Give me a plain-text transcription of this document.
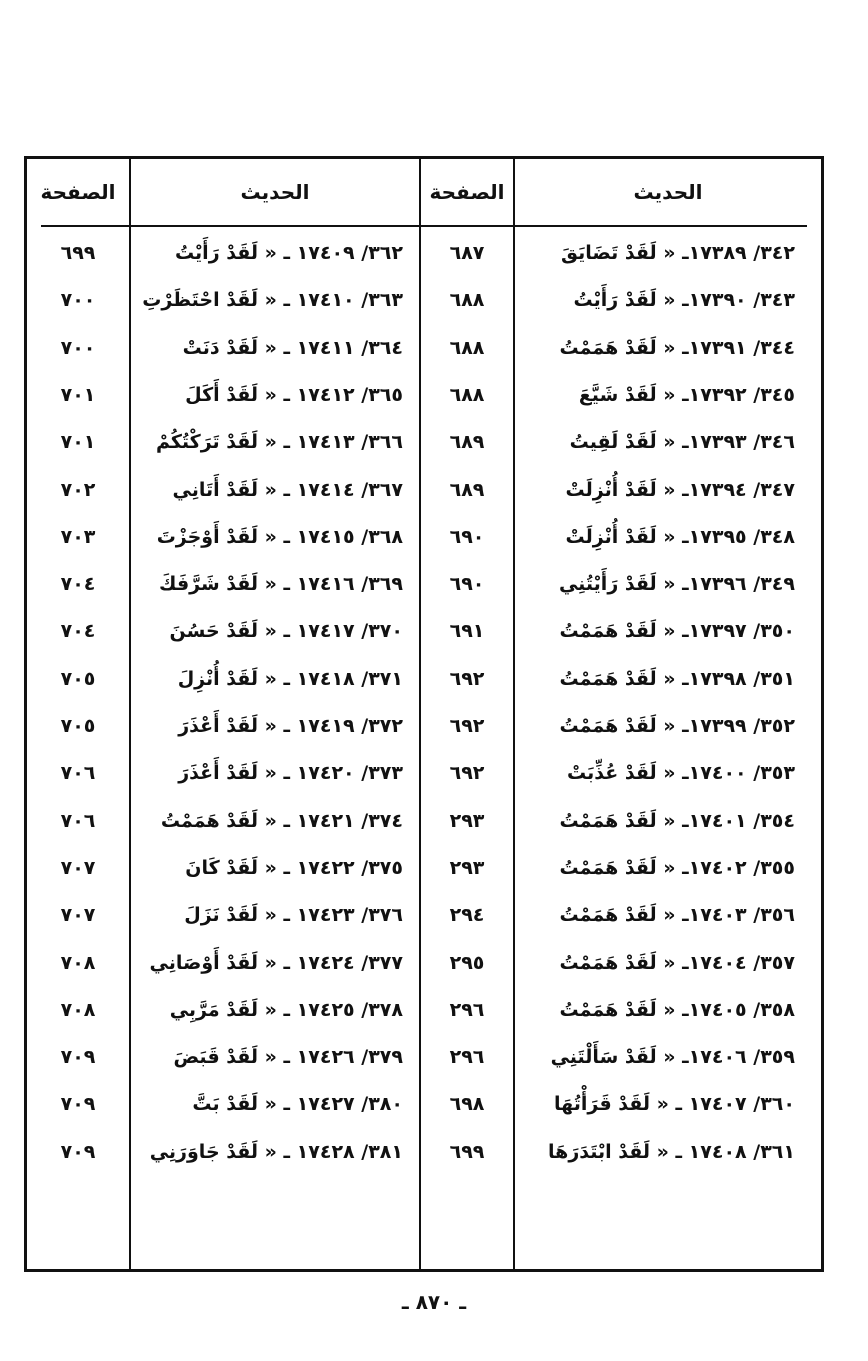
الحديث
الصفحة
الحديث
الصفحة
٣٤٢/ ١٧٣٨٩ـ « لَقَدْ تَضَايَقَ
٦٨٧
٣٦٢/ ١٧٤٠٩ ـ « لَقَدْ رَأَيْتُ
٦٩٩
٣٤٣/ ١٧٣٩٠ـ « لَقَدْ رَأَيْتُ
٦٨٨
٣٦٣/ ١٧٤١٠ ـ « لَقَدْ احْتَظَرْتِ
٧٠٠
٣٤٤/ ١٧٣٩١ـ « لَقَدْ هَمَمْتُ
٦٨٨
٣٦٤/ ١٧٤١١ ـ « لَقَدْ دَنَتْ
٧٠٠
٣٤٥/ ١٧٣٩٢ـ « لَقَدْ شَيَّعَ
٦٨٨
٣٦٥/ ١٧٤١٢ ـ « لَقَدْ أَكَلَ
٧٠١
٣٤٦/ ١٧٣٩٣ـ « لَقَدْ لَقِيتُ
٦٨٩
٣٦٦/ ١٧٤١٣ ـ « لَقَدْ تَرَكْتُكُمْ
٧٠١
٣٤٧/ ١٧٣٩٤ـ « لَقَدْ أُنْزِلَتْ
٦٨٩
٣٦٧/ ١٧٤١٤ ـ « لَقَدْ أَتَانِي
٧٠٢
٣٤٨/ ١٧٣٩٥ـ « لَقَدْ أُنْزِلَتْ
٦٩٠
٣٦٨/ ١٧٤١٥ ـ « لَقَدْ أَوْجَزْتَ
٧٠٣
٣٤٩/ ١٧٣٩٦ـ « لَقَدْ رَأَيْتُنِي
٦٩٠
٣٦٩/ ١٧٤١٦ ـ « لَقَدْ شَرَّفَكَ
٧٠٤
٣٥٠/ ١٧٣٩٧ـ « لَقَدْ هَمَمْتُ
٦٩١
٣٧٠/ ١٧٤١٧ ـ « لَقَدْ حَسُنَ
٧٠٤
٣٥١/ ١٧٣٩٨ـ « لَقَدْ هَمَمْتُ
٦٩٢
٣٧١/ ١٧٤١٨ ـ « لَقَدْ أُنْزِلَ
٧٠٥
٣٥٢/ ١٧٣٩٩ـ « لَقَدْ هَمَمْتُ
٦٩٢
٣٧٢/ ١٧٤١٩ ـ « لَقَدْ أَعْذَرَ
٧٠٥
٣٥٣/ ١٧٤٠٠ـ « لَقَدْ عُذِّبَتْ
٦٩٢
٣٧٣/ ١٧٤٢٠ ـ « لَقَدْ أَعْذَرَ
٧٠٦
٣٥٤/ ١٧٤٠١ـ « لَقَدْ هَمَمْتُ
٢٩٣
٣٧٤/ ١٧٤٢١ ـ « لَقَدْ هَمَمْتُ
٧٠٦
٣٥٥/ ١٧٤٠٢ـ « لَقَدْ هَمَمْتُ
٢٩٣
٣٧٥/ ١٧٤٢٢ ـ « لَقَدْ كَانَ
٧٠٧
٣٥٦/ ١٧٤٠٣ـ « لَقَدْ هَمَمْتُ
٢٩٤
٣٧٦/ ١٧٤٢٣ ـ « لَقَدْ نَزَلَ
٧٠٧
٣٥٧/ ١٧٤٠٤ـ « لَقَدْ هَمَمْتُ
٢٩٥
٣٧٧/ ١٧٤٢٤ ـ « لَقَدْ أَوْصَانِي
٧٠٨
٣٥٨/ ١٧٤٠٥ـ « لَقَدْ هَمَمْتُ
٢٩٦
٣٧٨/ ١٧٤٢٥ ـ « لَقَدْ مَرَّبِي
٧٠٨
٣٥٩/ ١٧٤٠٦ـ « لَقَدْ سَأَلْتَنِي
٢٩٦
٣٧٩/ ١٧٤٢٦ ـ « لَقَدْ قَبَضَ
٧٠٩
٣٦٠/ ١٧٤٠٧ ـ « لَقَدْ قَرَأْتُهَا
٦٩٨
٣٨٠/ ١٧٤٢٧ ـ « لَقَدْ بَتَّ
٧٠٩
٣٦١/ ١٧٤٠٨ ـ « لَقَدْ ابْتَدَرَهَا
٦٩٩
٣٨١/ ١٧٤٢٨ ـ « لَقَدْ جَاوَرَنِي
٧٠٩
ـ ٨٧٠ ـ
